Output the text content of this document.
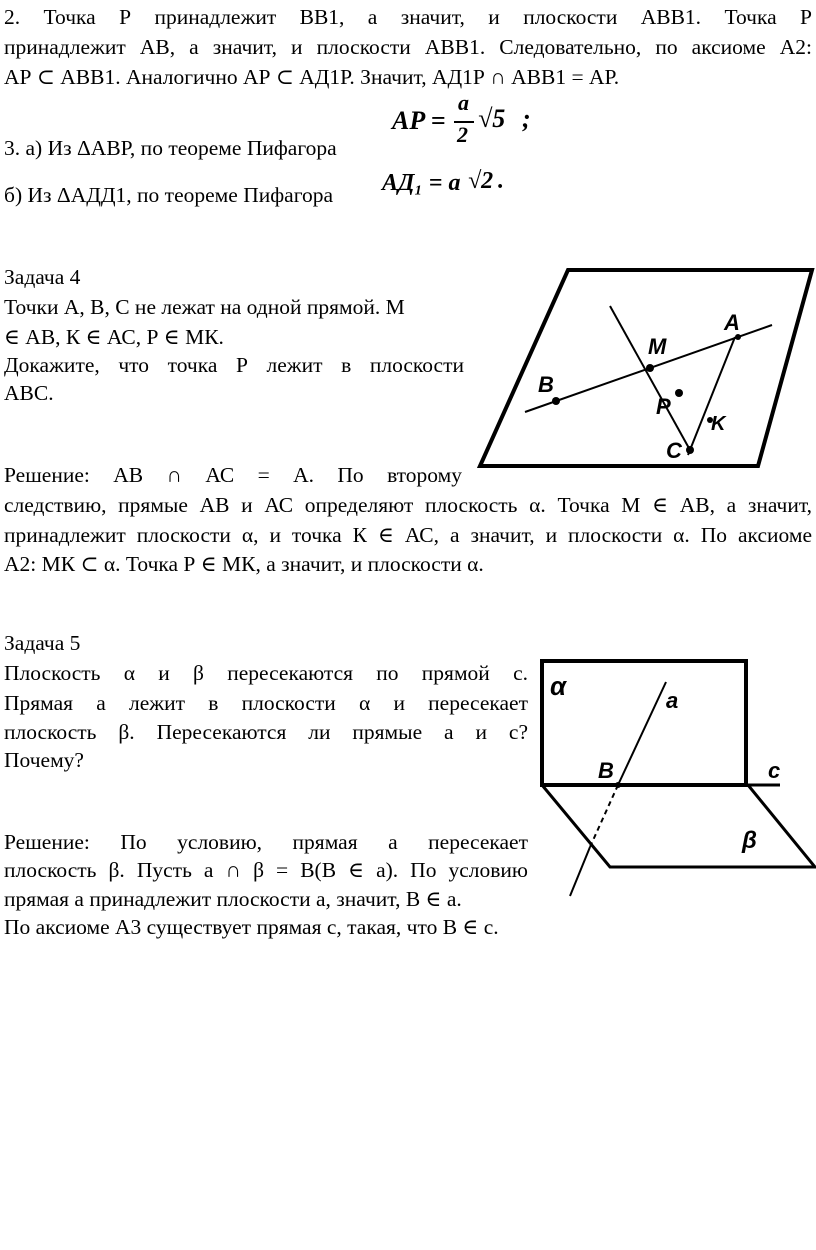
2. Точка Р принадлежит ВВ1, а значит, и плоскости АВВ1. Точка Р
принадлежит АВ, а значит, и плоскости АВВ1. Следовательно, по аксиоме А2:
АР ⊂ АВВ1. Аналогично АР ⊂ АД1Р. Значит, АД1Р ∩ АВВ1 = АР.
3. а) Из ΔАВР, по теореме Пифагора
AP =
a
2
√5 ;
б) Из ΔАДД1, по теореме Пифагора AД₁ = a √2 .
Задача 4
Точки А, В, С не лежат на одной прямой. М
∈ АВ, К ∈ АС, Р ∈ МК.
Докажите, что точка Р лежит в плоскости
АВС.
Решение: АВ ∩ АС = А. По второму
следствию, прямые АВ и АС определяют плоскость α. Точка М ∈ АВ, а значит,
принадлежит плоскости α, и точка К ∈ АС, а значит, и плоскости α. По аксиоме
А2: МК ⊂ α. Точка Р ∈ МК, а значит, и плоскости α.
A
B
M
P
K
C
Задача 5
Плоскость α и β пересекаются по прямой с.
Прямая а лежит в плоскости α и пересекает
плоскость β. Пересекаются ли прямые а и с?
Почему?
Решение: По условию, прямая а пересекает
плоскость β. Пусть а ∩ β = В(В ∈ а). По условию
прямая а принадлежит плоскости а, значит, В ∈ а.
По аксиоме А3 существует прямая с, такая, что В ∈ с.
α	a
B	c
β
